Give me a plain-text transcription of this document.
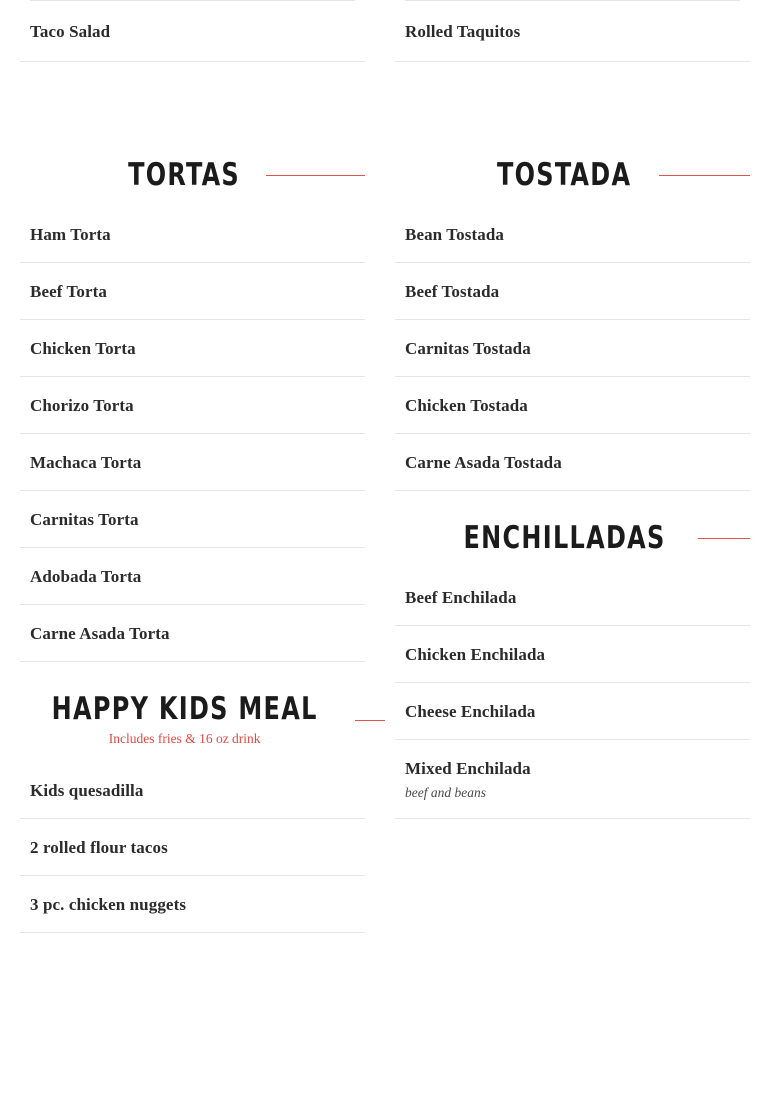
Taco Salad	Rolled Taquitos
TORTAS
Ham Torta
Beef Torta
Chicken Torta
Chorizo Torta
Machaca Torta
Carnitas Torta
Adobada Torta
Carne Asada Torta
HAPPY KIDS MEAL
Includes fries & 16 oz drink
Kids quesadilla
2 rolled flour tacos
3 pc. chicken nuggets
TOSTADA
Bean Tostada
Beef Tostada
Carnitas Tostada
Chicken Tostada
Carne Asada Tostada
ENCHILLADAS
Beef Enchilada
Chicken Enchilada
Cheese Enchilada
Mixed Enchilada
beef and beans
